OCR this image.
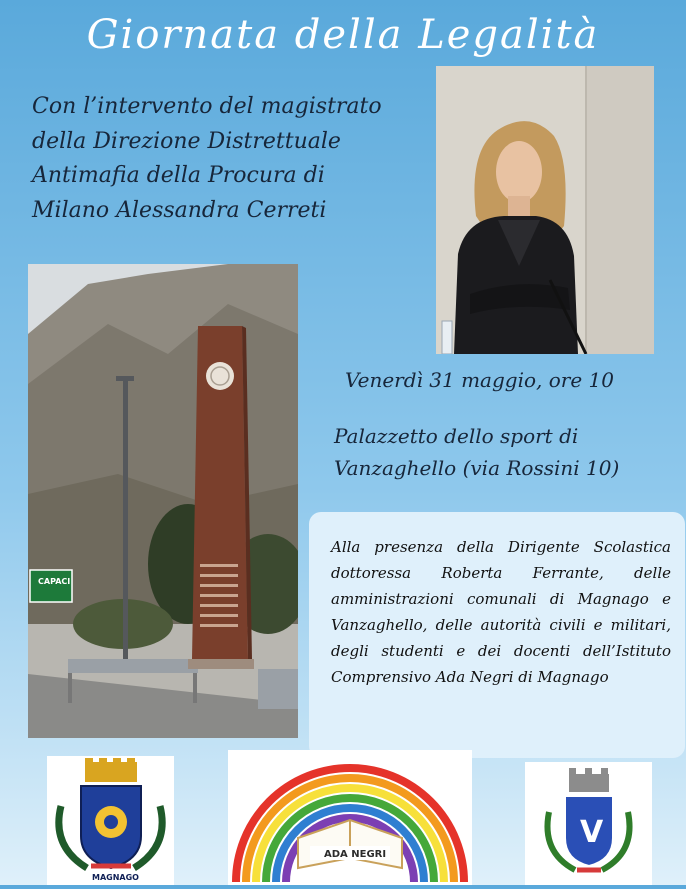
Giornata della Legalità
Con l’intervento del magistrato
della Direzione Distrettuale
Antimafia della Procura di
Milano Alessandra Cerreti
CAPACI
Venerdì 31 maggio, ore 10
Palazzetto dello sport di
Vanzaghello (via Rossini 10)
Alla presenza della Dirigente Scolastica dottoressa Roberta Ferrante, delle amministrazioni comunali di Magnago e Vanzaghello, delle autorità civili e militari, degli studenti e dei docenti dell’Istituto Comprensivo Ada Negri di Magnago
MAGNAGO
ADA NEGRI
V
